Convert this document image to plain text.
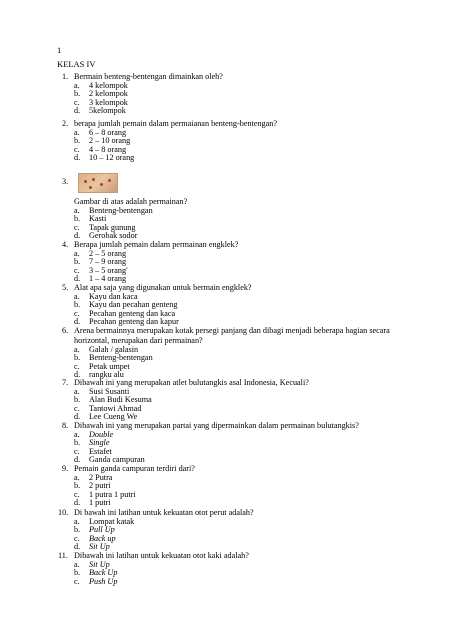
1
KELAS IV
1. Bermain benteng-bentengan dimainkan oleh?
a. 4 kelompok
b. 2 kelompok
c. 3 kelompok
d. 5kelompok
2. berapa jumlah pemain dalam permaianan benteng-bentengan?
a. 6 – 8 orang
b. 2 – 10 orang
c. 4 – 8 orang
d. 10 – 12 orang
3.
Gambar di atas adalah permainan?
a. Benteng-bentengan
b. Kasti
c. Tapak gunung
d. Gerobak sodor
4. Berapa jumlah pemain dalam permainan engklek?
a. 2 – 5 orang
b. 7 – 9 orang
c. 3 – 5 orang'
d. 1 – 4 orang
5. Alat apa saja yang digunakan untuk bermain engklek?
a. Kayu dan kaca
b. Kayu dan pecahan genteng
c. Pecahan genteng dan kaca
d. Pecahan genteng dan kapur
6. Arena bermainnya merupakan kotak persegi panjang dan dibagi menjadi beberapa bagian secara horizontal, merupakan dari permainan?
a. Galah / galasin
b. Benteng-bentengan
c. Petak umpet
d. rangku alu
7. Dibawah ini yang merupakan atlet bulutangkis asal Indonesia, Kecuali?
a. Susi Susanti
b. Alan Budi Kesuma
c. Tantowi Ahmad
d. Lee Cueng We
8. Dibawah ini yang merupakan partai yang dipermainkan dalam permainan bulutangkis?
a. Double
b. Single
c. Estafet
d. Ganda campuran
9. Pemain ganda campuran terdiri dari?
a. 2 Putra
b. 2 putri
c. 1 putra 1 putri
d. 1 putri
10. Di bawah ini latihan untuk kekuatan otot perut adalah?
a. Lompat katak
b. Pull Up
c. Back up
d. Sit Up
11. Dibawah ini latihan untuk kekuatan otot kaki adalah?
a. Sit Up
b. Back Up
c. Push Up
